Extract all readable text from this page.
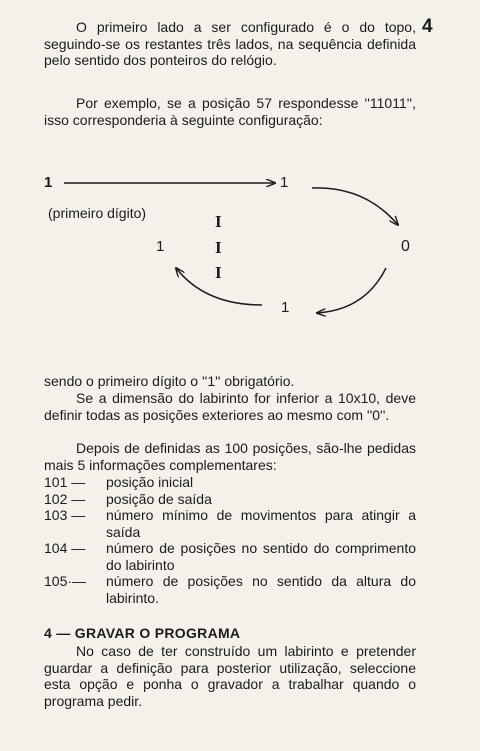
4

O primeiro lado a ser configurado é o do topo, seguindo-se os restantes três lados, na sequência definida pelo sentido dos ponteiros do relógio.

Por exemplo, se a posição 57 respondesse ''11011'', isso corresponderia à seguinte configuração:

1	1
(primeiro dígito)
1	0
1
I
I
I

sendo o primeiro dígito o ''1'' obrigatório.

Se a dimensão do labirinto for inferior a 10x10, deve definir todas as posições exteriores ao mesmo com ''0''.

Depois de definidas as 100 posições, são-lhe pedidas mais 5 informações complementares:

101 —	posição inicial
102 —	posição de saída
103 —	número mínimo de movimentos para atingir a saída
104 —	número de posições no sentido do comprimento do labirinto
105·—	número de posições no sentido da altura do labirinto.
4 — GRAVAR O PROGRAMA

No caso de ter construído um labirinto e pretender guardar a definição para posterior utilização, seleccione esta opção e ponha o gravador a trabalhar quando o programa pedir.
